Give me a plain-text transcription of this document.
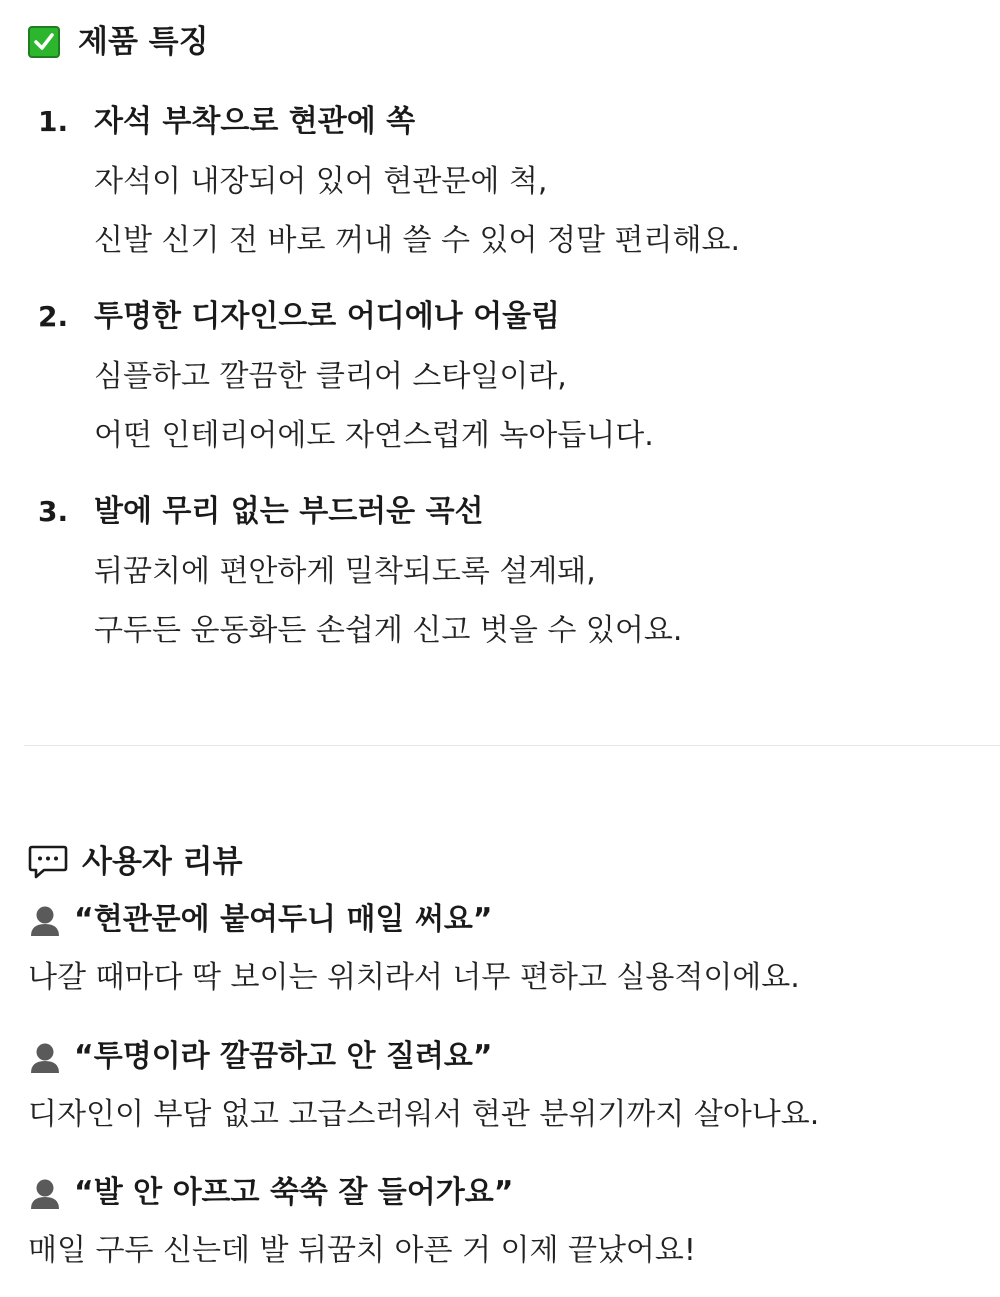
제품 특징
1. 자석 부착으로 현관에 쏙
자석이 내장되어 있어 현관문에 척,
신발 신기 전 바로 꺼내 쓸 수 있어 정말 편리해요.
2. 투명한 디자인으로 어디에나 어울림
심플하고 깔끔한 클리어 스타일이라,
어떤 인테리어에도 자연스럽게 녹아듭니다.
3. 발에 무리 없는 부드러운 곡선
뒤꿈치에 편안하게 밀착되도록 설계돼,
구두든 운동화든 손쉽게 신고 벗을 수 있어요.
사용자 리뷰
“현관문에 붙여두니 매일 써요”
나갈 때마다 딱 보이는 위치라서 너무 편하고 실용적이에요.
“투명이라 깔끔하고 안 질려요”
디자인이 부담 없고 고급스러워서 현관 분위기까지 살아나요.
“발 안 아프고 쑥쑥 잘 들어가요”
매일 구두 신는데 발 뒤꿈치 아픈 거 이제 끝났어요!
